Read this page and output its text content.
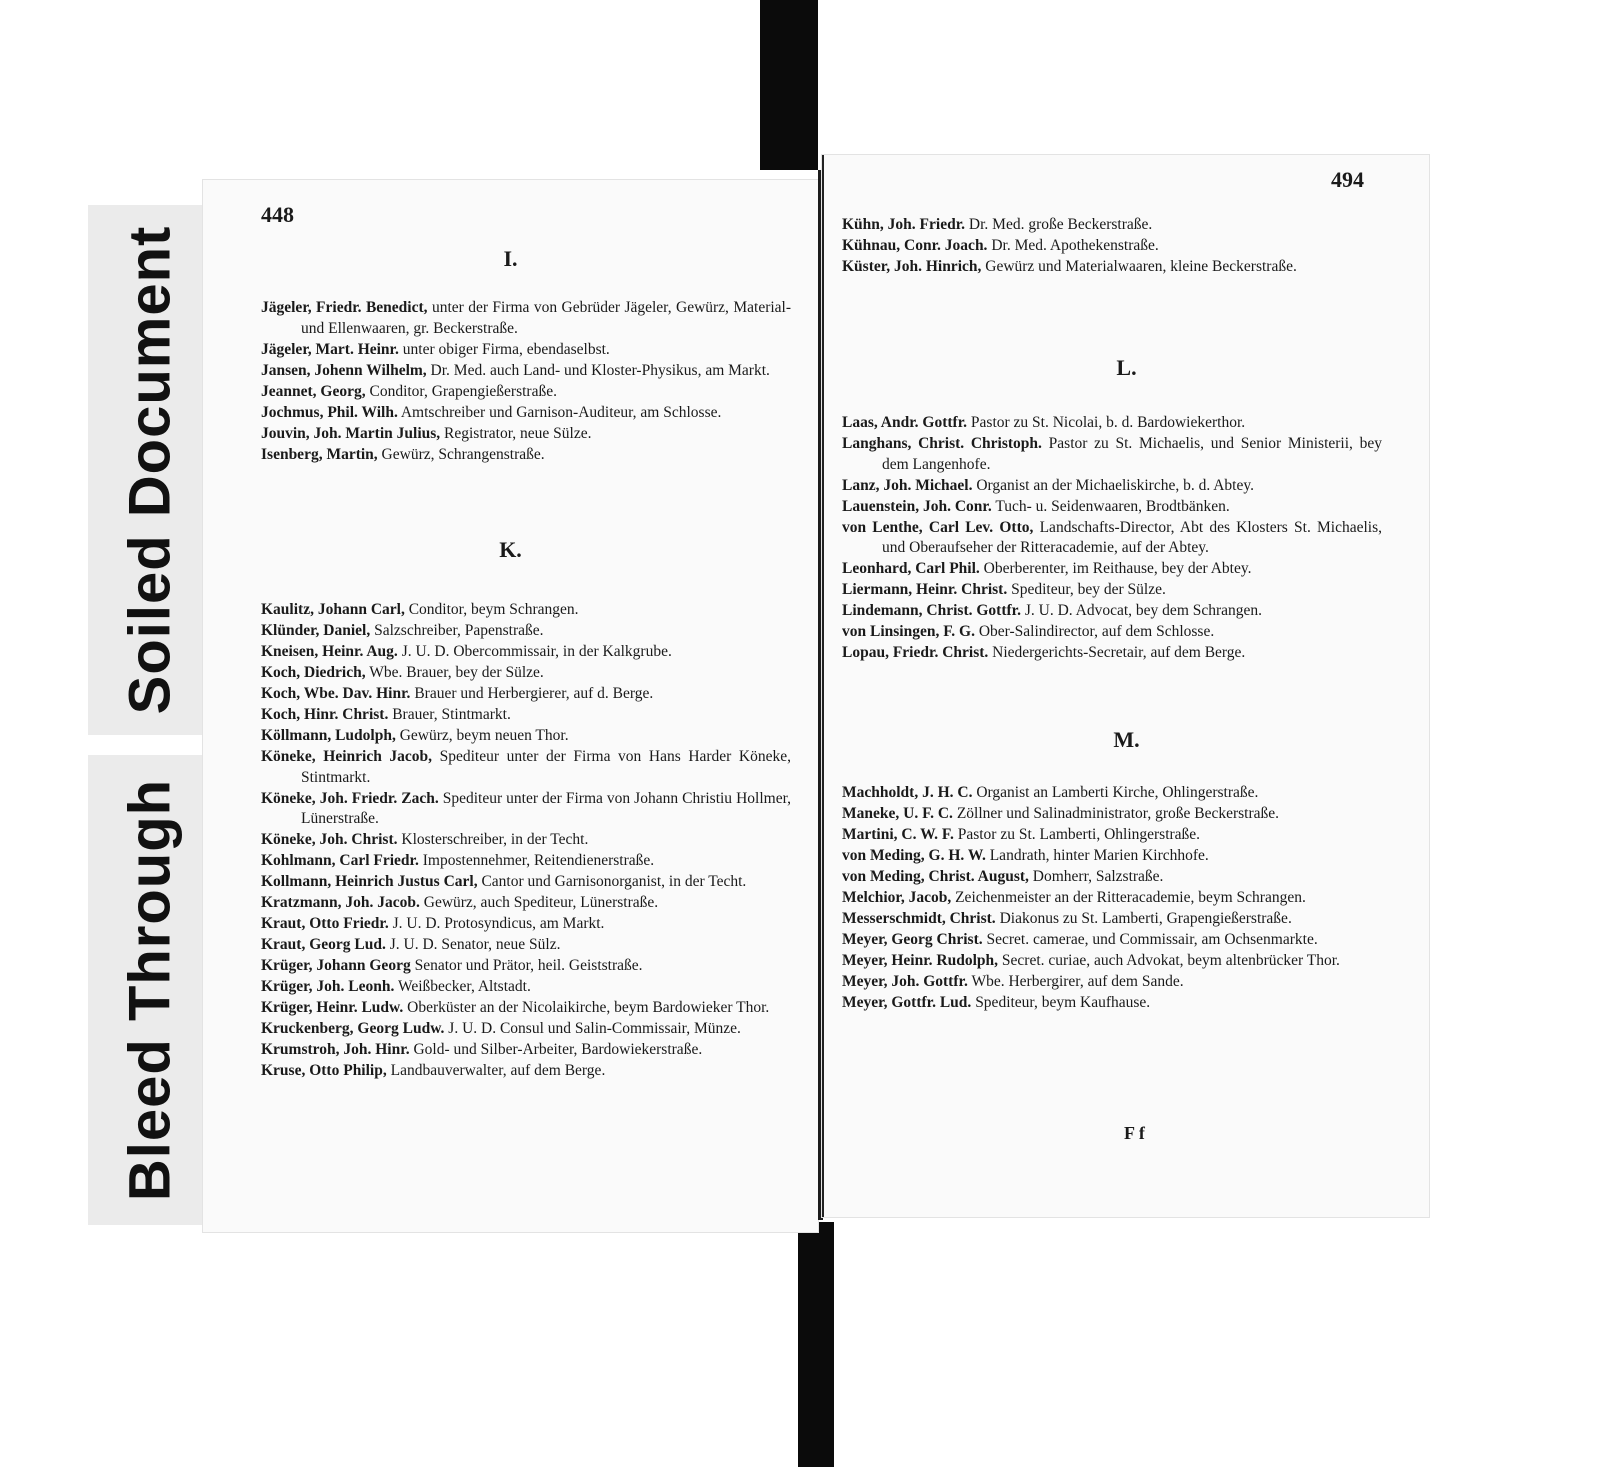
Soiled Document
Bleed Through
448
I.
Jägeler, Friedr. Benedict, unter der Firma von Gebrüder Jägeler, Gewürz, Material- und Ellenwaaren, gr. Beckerstraße.
Jägeler, Mart. Heinr. unter obiger Firma, ebendaselbst.
Jansen, Johenn Wilhelm, Dr. Med. auch Land- und Kloster-Physikus, am Markt.
Jeannet, Georg, Conditor, Grapengießerstraße.
Jochmus, Phil. Wilh. Amtschreiber und Garnison-Auditeur, am Schlosse.
Jouvin, Joh. Martin Julius, Registrator, neue Sülze.
Isenberg, Martin, Gewürz, Schrangenstraße.
K.
Kaulitz, Johann Carl, Conditor, beym Schrangen.
Klünder, Daniel, Salzschreiber, Papenstraße.
Kneisen, Heinr. Aug. J. U. D. Obercommissair, in der Kalkgrube.
Koch, Diedrich, Wbe. Brauer, bey der Sülze.
Koch, Wbe. Dav. Hinr. Brauer und Herbergierer, auf d. Berge.
Koch, Hinr. Christ. Brauer, Stintmarkt.
Köllmann, Ludolph, Gewürz, beym neuen Thor.
Köneke, Heinrich Jacob, Spediteur unter der Firma von Hans Harder Köneke, Stintmarkt.
Köneke, Joh. Friedr. Zach. Spediteur unter der Firma von Johann Christiu Hollmer, Lünerstraße.
Köneke, Joh. Christ. Klosterschreiber, in der Techt.
Kohlmann, Carl Friedr. Impostennehmer, Reitendienerstraße.
Kollmann, Heinrich Justus Carl, Cantor und Garnisonorganist, in der Techt.
Kratzmann, Joh. Jacob. Gewürz, auch Spediteur, Lünerstraße.
Kraut, Otto Friedr. J. U. D. Protosyndicus, am Markt.
Kraut, Georg Lud. J. U. D. Senator, neue Sülz.
Krüger, Johann Georg Senator und Prätor, heil. Geiststraße.
Krüger, Joh. Leonh. Weißbecker, Altstadt.
Krüger, Heinr. Ludw. Oberküster an der Nicolaikirche, beym Bardowieker Thor.
Kruckenberg, Georg Ludw. J. U. D. Consul und Salin-Commissair, Münze.
Krumstroh, Joh. Hinr. Gold- und Silber-Arbeiter, Bardowiekerstraße.
Kruse, Otto Philip, Landbauverwalter, auf dem Berge.
494
Kühn, Joh. Friedr. Dr. Med. große Beckerstraße.
Kühnau, Conr. Joach. Dr. Med. Apothekenstraße.
Küster, Joh. Hinrich, Gewürz und Materialwaaren, kleine Beckerstraße.
L.
Laas, Andr. Gottfr. Pastor zu St. Nicolai, b. d. Bardowiekerthor.
Langhans, Christ. Christoph. Pastor zu St. Michaelis, und Senior Ministerii, bey dem Langenhofe.
Lanz, Joh. Michael. Organist an der Michaeliskirche, b. d. Abtey.
Lauenstein, Joh. Conr. Tuch- u. Seidenwaaren, Brodtbänken.
von Lenthe, Carl Lev. Otto, Landschafts-Director, Abt des Klosters St. Michaelis, und Oberaufseher der Ritteracademie, auf der Abtey.
Leonhard, Carl Phil. Oberberenter, im Reithause, bey der Abtey.
Liermann, Heinr. Christ. Spediteur, bey der Sülze.
Lindemann, Christ. Gottfr. J. U. D. Advocat, bey dem Schrangen.
von Linsingen, F. G. Ober-Salindirector, auf dem Schlosse.
Lopau, Friedr. Christ. Niedergerichts-Secretair, auf dem Berge.
M.
Machholdt, J. H. C. Organist an Lamberti Kirche, Ohlingerstraße.
Maneke, U. F. C. Zöllner und Salinadministrator, große Beckerstraße.
Martini, C. W. F. Pastor zu St. Lamberti, Ohlingerstraße.
von Meding, G. H. W. Landrath, hinter Marien Kirchhofe.
von Meding, Christ. August, Domherr, Salzstraße.
Melchior, Jacob, Zeichenmeister an der Ritteracademie, beym Schrangen.
Messerschmidt, Christ. Diakonus zu St. Lamberti, Grapengießerstraße.
Meyer, Georg Christ. Secret. camerae, und Commissair, am Ochsenmarkte.
Meyer, Heinr. Rudolph, Secret. curiae, auch Advokat, beym altenbrücker Thor.
Meyer, Joh. Gottfr. Wbe. Herbergirer, auf dem Sande.
Meyer, Gottfr. Lud. Spediteur, beym Kaufhause.
F f
